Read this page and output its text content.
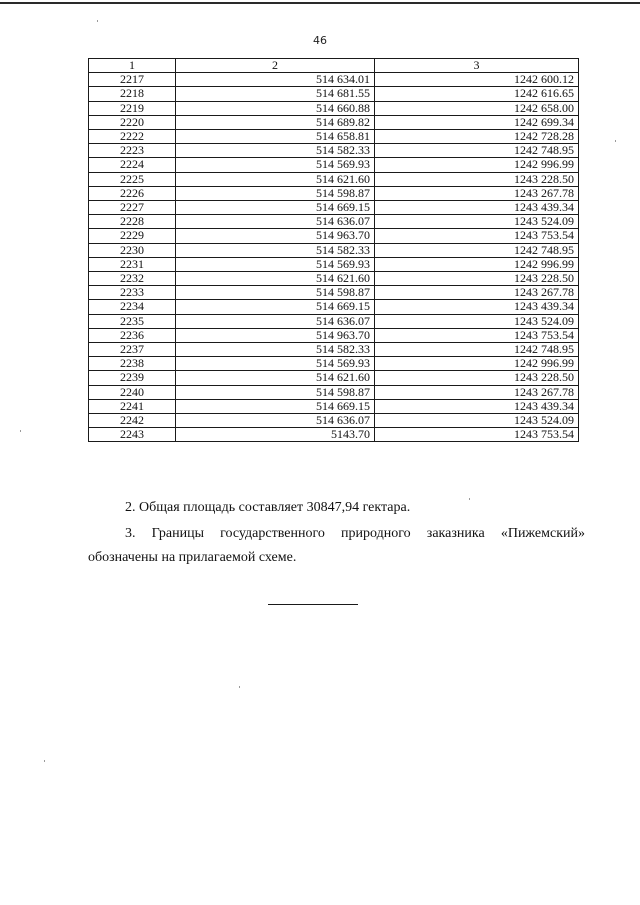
46
1	2	3
2217	514 634.01	1242 600.12
2218	514 681.55	1242 616.65
2219	514 660.88	1242 658.00
2220	514 689.82	1242 699.34
2222	514 658.81	1242 728.28
2223	514 582.33	1242 748.95
2224	514 569.93	1242 996.99
2225	514 621.60	1243 228.50
2226	514 598.87	1243 267.78
2227	514 669.15	1243 439.34
2228	514 636.07	1243 524.09
2229	514 963.70	1243 753.54
2230	514 582.33	1242 748.95
2231	514 569.93	1242 996.99
2232	514 621.60	1243 228.50
2233	514 598.87	1243 267.78
2234	514 669.15	1243 439.34
2235	514 636.07	1243 524.09
2236	514 963.70	1243 753.54
2237	514 582.33	1242 748.95
2238	514 569.93	1242 996.99
2239	514 621.60	1243 228.50
2240	514 598.87	1243 267.78
2241	514 669.15	1243 439.34
2242	514 636.07	1243 524.09
2243	5143.70	1243 753.54
2. Общая площадь составляет 30847,94 гектара.
3. Границы государственного природного заказника «Пижемский» обозначены на прилагаемой схеме.
